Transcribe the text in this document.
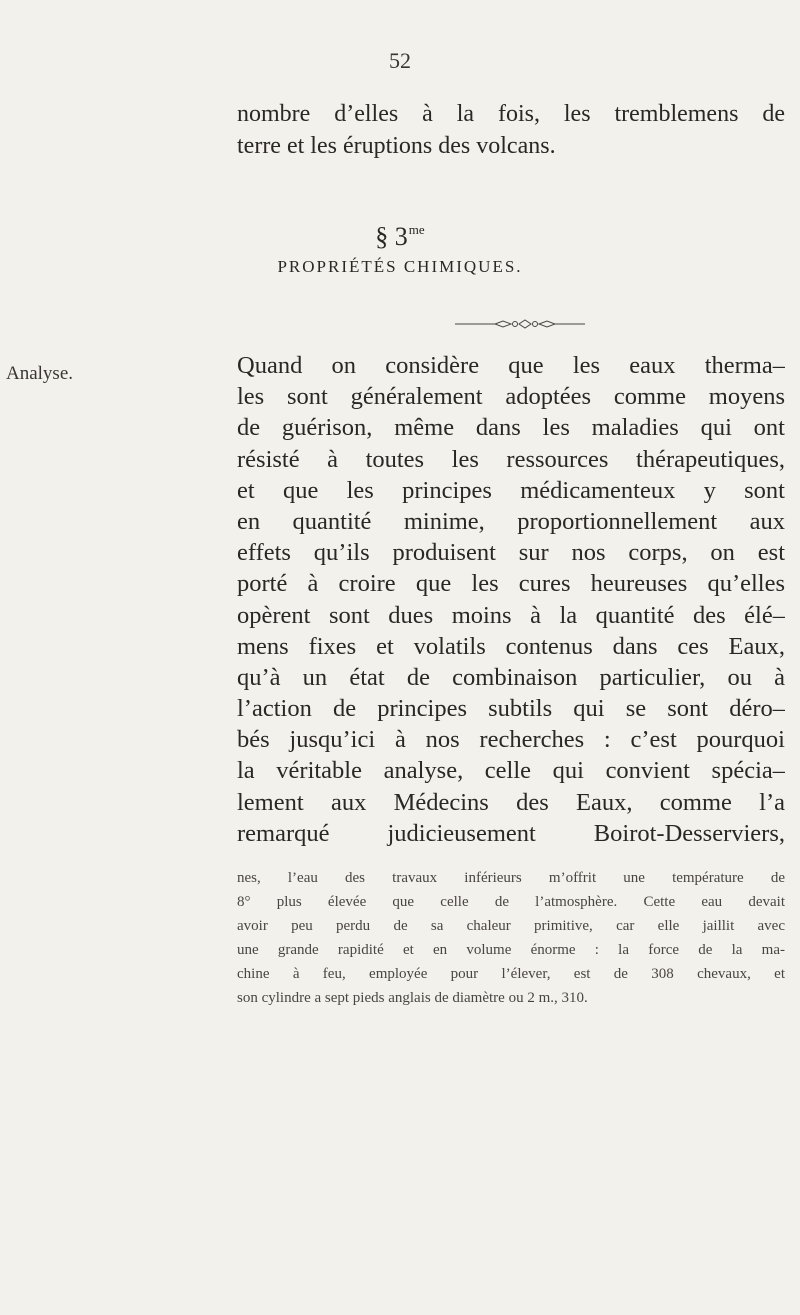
52
nombre d’elles à la fois, les tremblemens de
terre et les éruptions des volcans.
§ $3^{me}$
PROPRIÉTÉS CHIMIQUES.
Analyse.	Quand on considère que les eaux therma–
les sont généralement adoptées comme moyens
de guérison, même dans les maladies qui ont
résisté à toutes les ressources thérapeutiques,
et que les principes médicamenteux y sont
en quantité minime, proportionnellement aux
effets qu’ils produisent sur nos corps, on est
porté à croire que les cures heureuses qu’elles
opèrent sont dues moins à la quantité des élé–
mens fixes et volatils contenus dans ces Eaux,
qu’à un état de combinaison particulier, ou à
l’action de principes subtils qui se sont déro–
bés jusqu’ici à nos recherches : c’est pourquoi
la véritable analyse, celle qui convient spécia–
lement aux Médecins des Eaux, comme l’a
remarqué judicieusement Boirot-Desserviers,
nes, l’eau des travaux inférieurs m’offrit une température de
8° plus élevée que celle de l’atmosphère. Cette eau devait
avoir peu perdu de sa chaleur primitive, car elle jaillit avec
une grande rapidité et en volume énorme : la force de la ma-
chine à feu, employée pour l’élever, est de 308 chevaux, et
son cylindre a sept pieds anglais de diamètre ou 2 m., 310.
